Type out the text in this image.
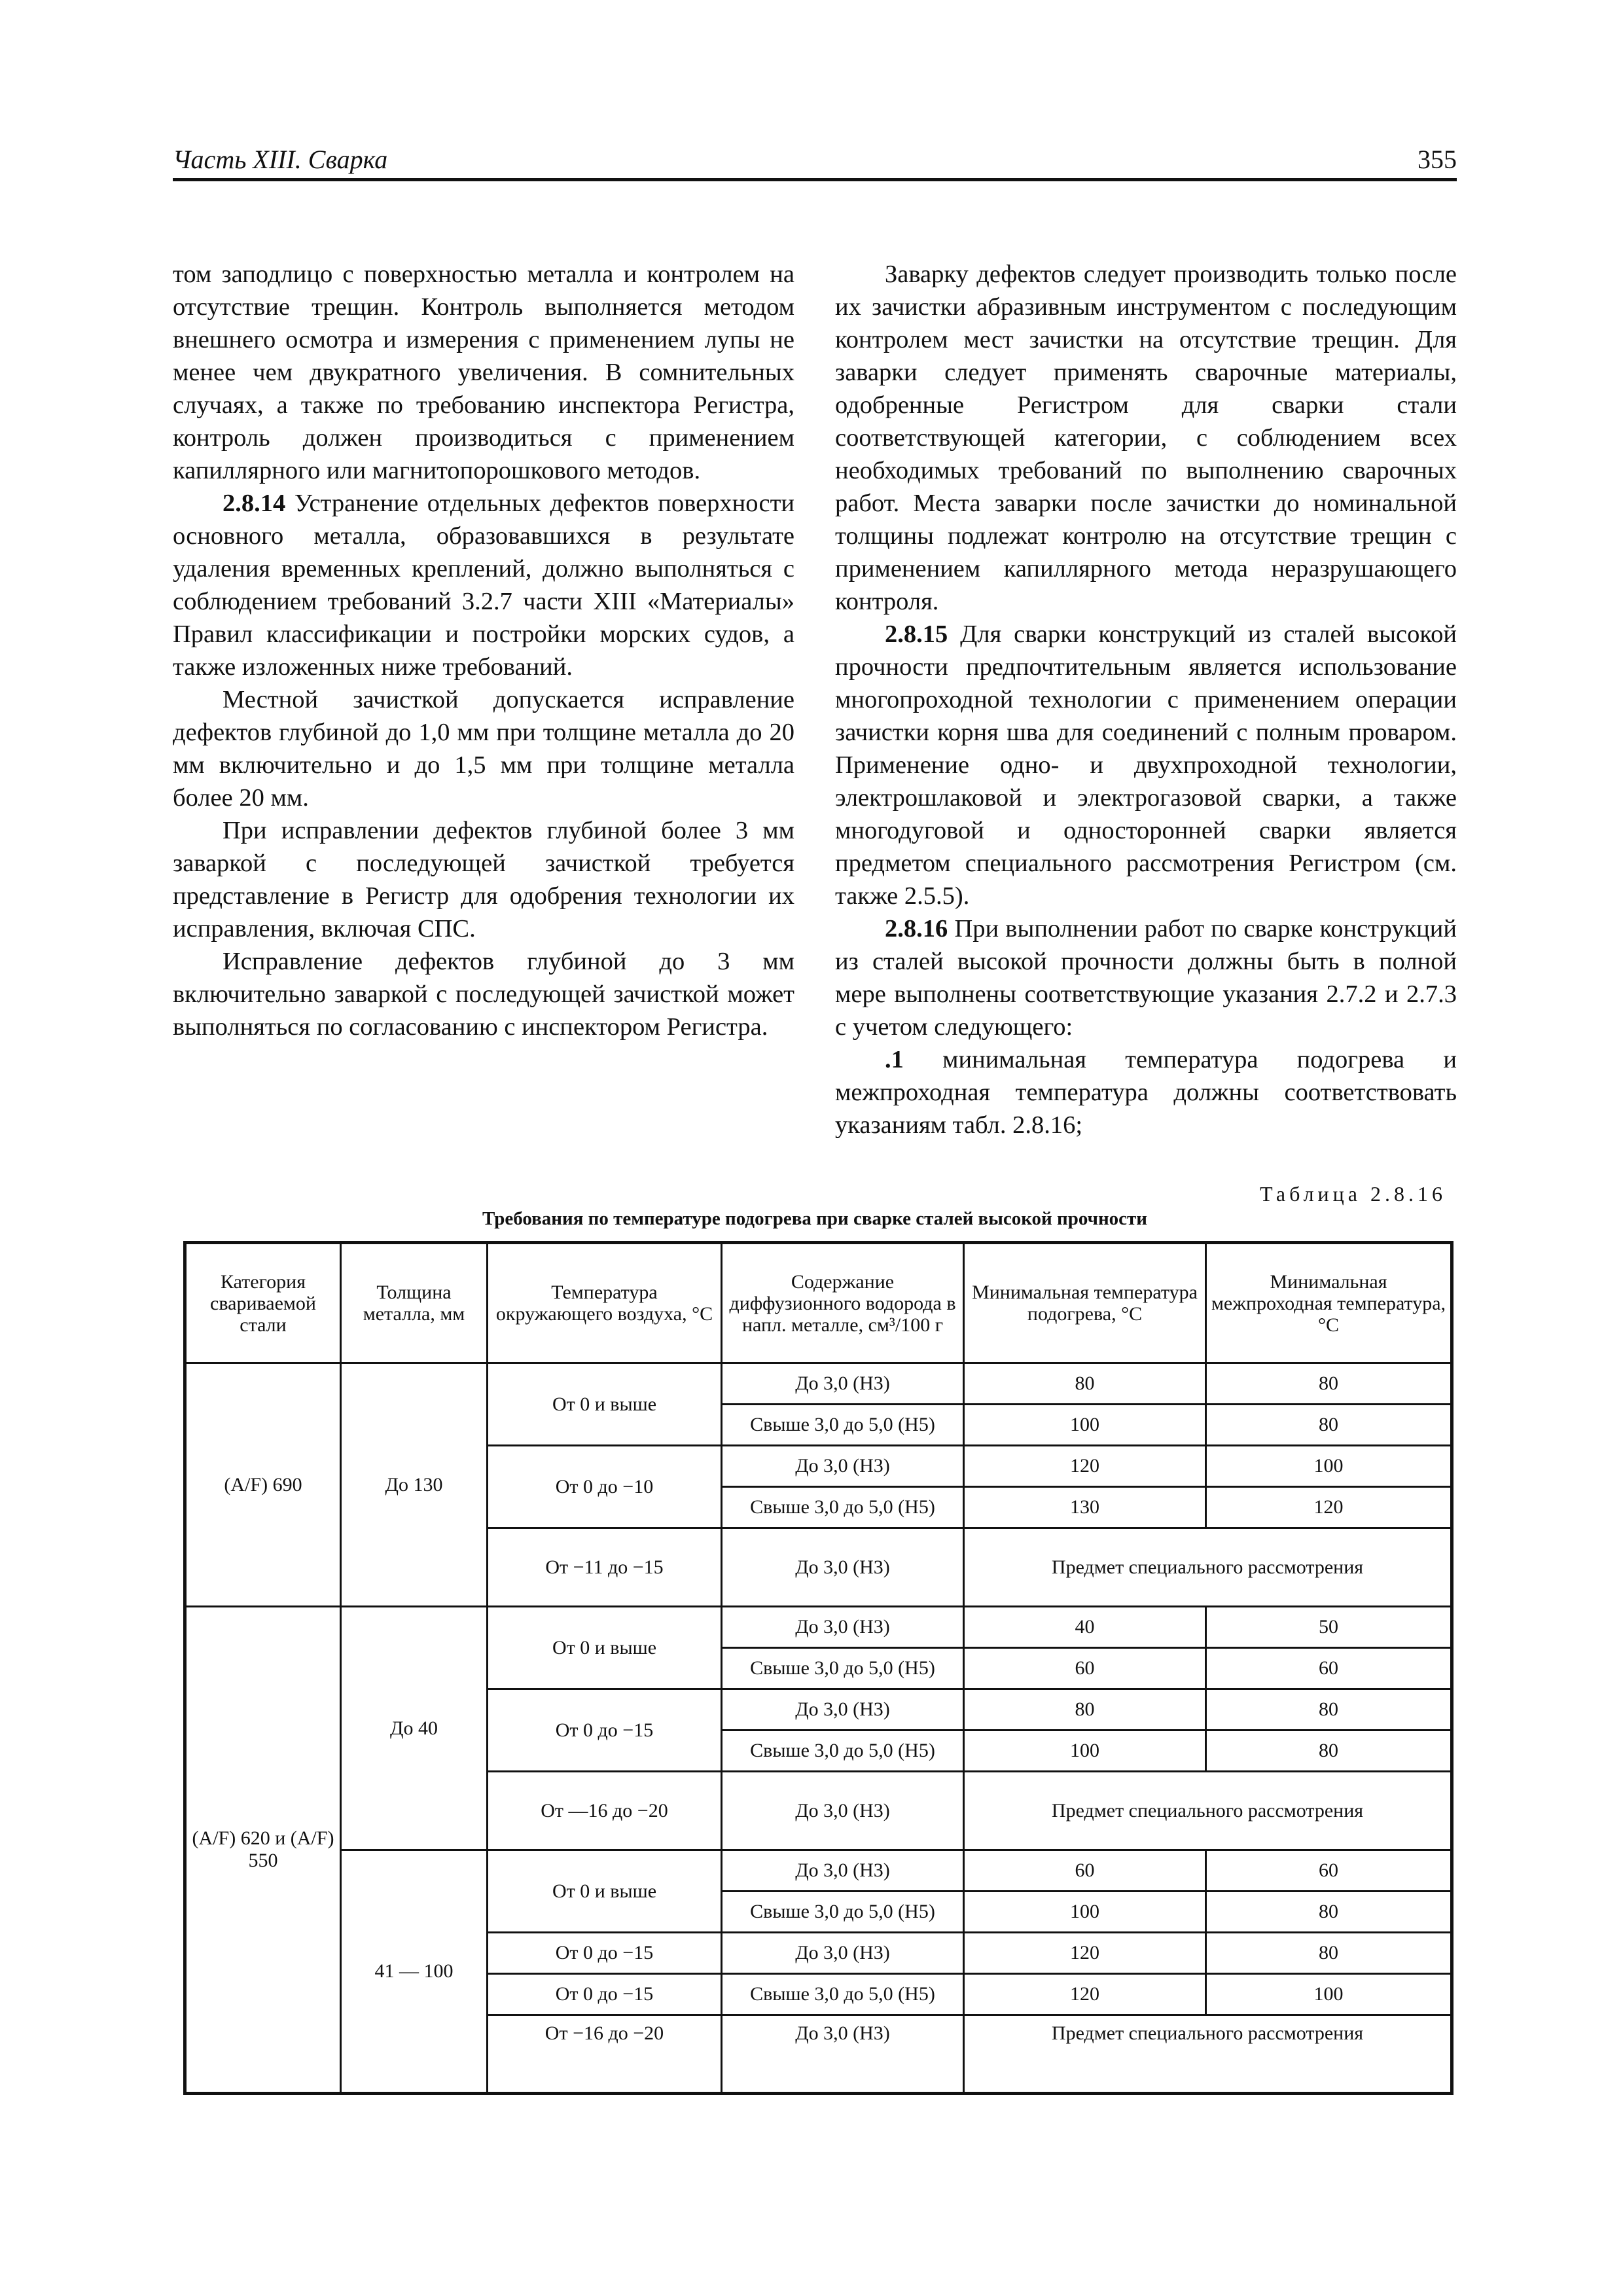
Часть XIII. Сварка	355

том заподлицо с поверхностью металла и контролем на отсутствие трещин. Контроль выполняется методом внешнего осмотра и измерения с применением лупы не менее чем двукратного увеличения. В сомнительных случаях, а также по требованию инспектора Регистра, контроль должен производиться с применением капиллярного или магнитопорошкового методов.

2.8.14 Устранение отдельных дефектов поверхности основного металла, образовавшихся в результате удаления временных креплений, должно выполняться с соблюдением требований 3.2.7 части XIII «Материалы» Правил классификации и постройки морских судов, а также изложенных ниже требований.

Местной зачисткой допускается исправление дефектов глубиной до 1,0 мм при толщине металла до 20 мм включительно и до 1,5 мм при толщине металла более 20 мм.

При исправлении дефектов глубиной более 3 мм заваркой с последующей зачисткой требуется представление в Регистр для одобрения технологии их исправления, включая СПС.

Исправление дефектов глубиной до 3 мм включительно заваркой с последующей зачисткой может выполняться по согласованию с инспектором Регистра.

Заварку дефектов следует производить только после их зачистки абразивным инструментом с последующим контролем мест зачистки на отсутствие трещин. Для заварки следует применять сварочные материалы, одобренные Регистром для сварки стали соответствующей категории, с соблюдением всех необходимых требований по выполнению сварочных работ. Места заварки после зачистки до номинальной толщины подлежат контролю на отсутствие трещин с применением капиллярного метода неразрушающего контроля.

2.8.15 Для сварки конструкций из сталей высокой прочности предпочтительным является использование многопроходной технологии с применением операции зачистки корня шва для соединений с полным проваром. Применение одно- и двухпроходной технологии, электрошлаковой и электрогазовой сварки, а также многодуговой и односторонней сварки является предметом специального рассмотрения Регистром (см. также 2.5.5).

2.8.16 При выполнении работ по сварке конструкций из сталей высокой прочности должны быть в полной мере выполнены соответствующие указания 2.7.2 и 2.7.3 с учетом следующего:

.1 минимальная температура подогрева и межпроходная температура должны соответствовать указаниям табл. 2.8.16;

Таблица 2.8.16
Требования по температуре подогрева при сварке сталей высокой прочности
Категория свариваемой стали	Толщина металла, мм	Температура окружающего воздуха, °C	Содержание диффузионного водорода в напл. металле, см³/100 г	Минимальная температура подогрева, °C	Минимальная межпроходная температура, °C
(A/F) 690	До 130	От 0 и выше	До 3,0 (H3)	80	80
			Свыше 3,0 до 5,0 (H5)	100	80
		От 0 до −10	До 3,0 (H3)	120	100
			Свыше 3,0 до 5,0 (H5)	130	120
		От −11 до −15	До 3,0 (H3)	Предмет специального рассмотрения	
(A/F) 620 и (A/F) 550	До 40	От 0 и выше	До 3,0 (H3)	40	50
			Свыше 3,0 до 5,0 (H5)	60	60
		От 0 до −15	До 3,0 (H3)	80	80
			Свыше 3,0 до 5,0 (H5)	100	80
		От —16 до −20	До 3,0 (H3)	Предмет специального рассмотрения	
	41 — 100	От 0 и выше	До 3,0 (H3)	60	60
			Свыше 3,0 до 5,0 (H5)	100	80
		От 0 до −15	До 3,0 (H3)	120	80
		От 0 до −15	Свыше 3,0 до 5,0 (H5)	120	100
		От −16 до −20	До 3,0 (H3)	Предмет специального рассмотрения	
